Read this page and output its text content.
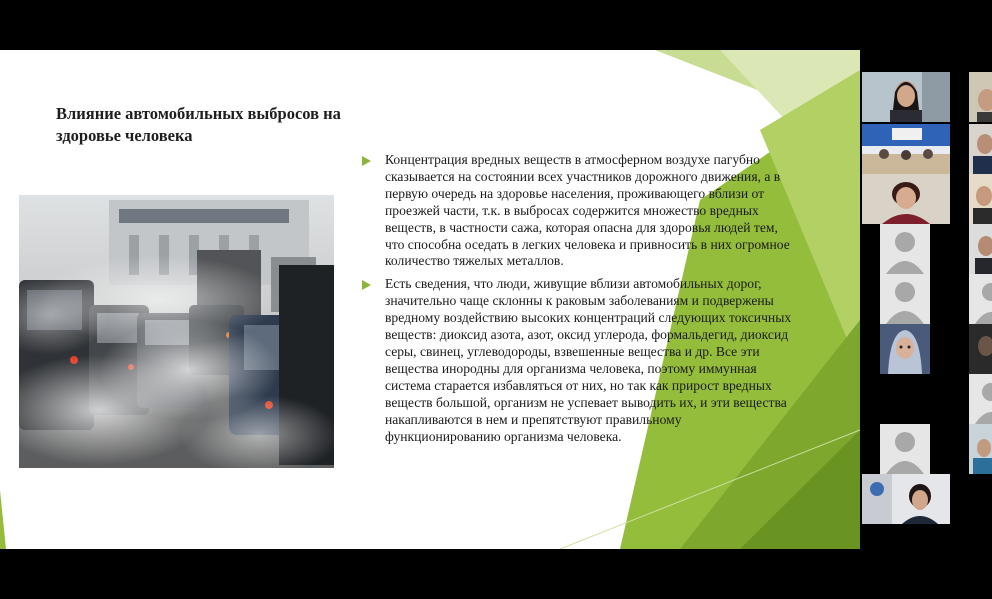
Влияние автомобильных выбросов на здоровье человека
Концентрация вредных веществ в атмосферном воздухе пагубно сказывается на состоянии всех участников дорожного движения, а в первую очередь на здоровье населения, проживающего вблизи от проезжей части, т.к. в выбросах содержится множество вредных веществ, в частности сажа, которая опасна для здоровья людей тем, что способна оседать в легких человека и привносить в них огромное количество тяжелых металлов.
Есть сведения, что люди, живущие вблизи автомобильных дорог, значительно чаще склонны к раковым заболеваниям и подвержены вредному воздействию высоких концентраций следующих токсичных веществ: диоксид азота, азот, оксид углерода, формальдегид, диоксид серы, свинец, углеводороды, взвешенные вещества и др. Все эти вещества инородны для организма человека, поэтому иммунная система старается избавляться от них, но так как прирост вредных веществ большой, организм не успевает выводить их, и эти вещества накапливаются в нем и препятствуют правильному функционированию организма человека.
